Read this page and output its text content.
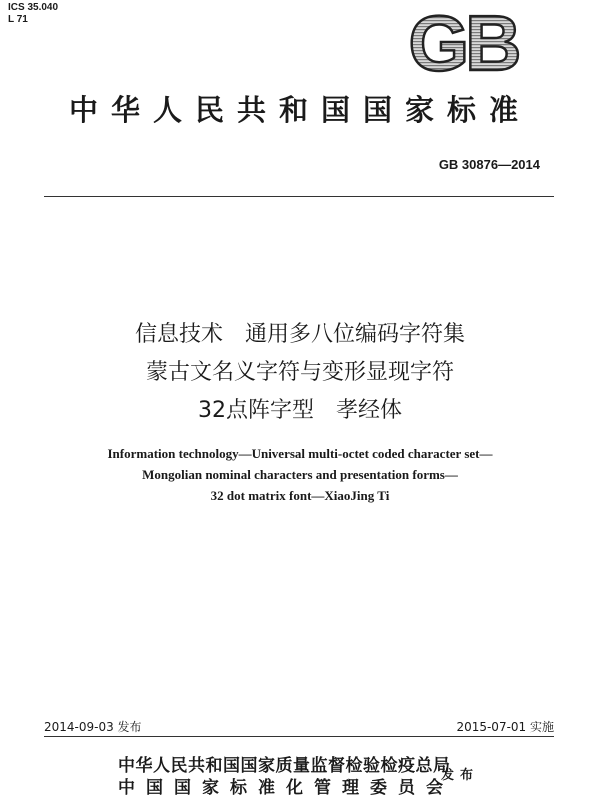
ICS 35.040
L 71	GB
中华人民共和国国家标准
GB 30876—2014
信息技术　通用多八位编码字符集
蒙古文名义字符与变形显现字符
32点阵字型　孝经体
Information technology—Universal multi-octet coded character set—
Mongolian nominal characters and presentation forms—
32 dot matrix font—XiaoJing Ti
2014-09-03 发布	2015-07-01 实施
中华人民共和国国家质量监督检验检疫总局
中国国家标准化管理委员会
发布
